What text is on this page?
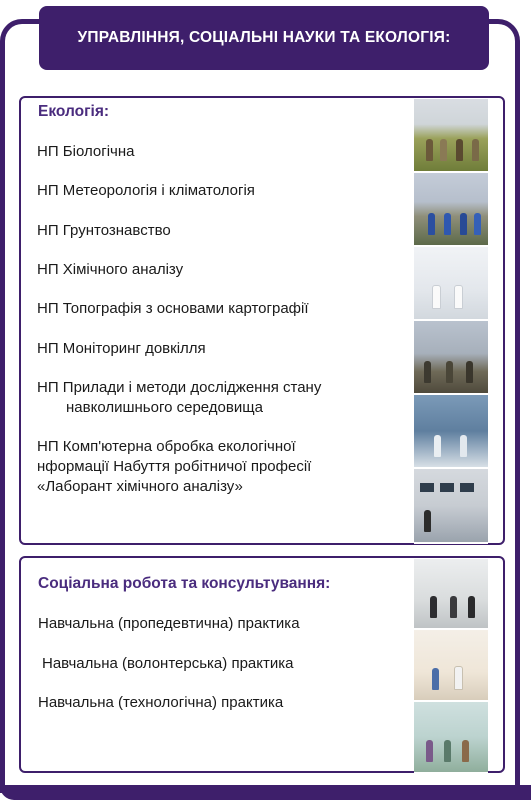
УПРАВЛІННЯ, СОЦІАЛЬНІ НАУКИ ТА ЕКОЛОГІЯ:
Екологія:
НП Біологічна
НП Метеорологія і кліматологія
НП Грунтознавство
НП Хімічного аналізу
НП Топографія з основами картографії
НП Моніторинг довкілля
НП Прилади і методи дослідження стану
навколишнього середовища
НП Комп'ютерна обробка екологічної
нформації Набуття робітничої професії
«Лаборант хімічного аналізу»
Соціальна робота та консультування:
Навчальна (пропедевтична) практика
Навчальна (волонтерська) практика
Навчальна (технологічна) практика
